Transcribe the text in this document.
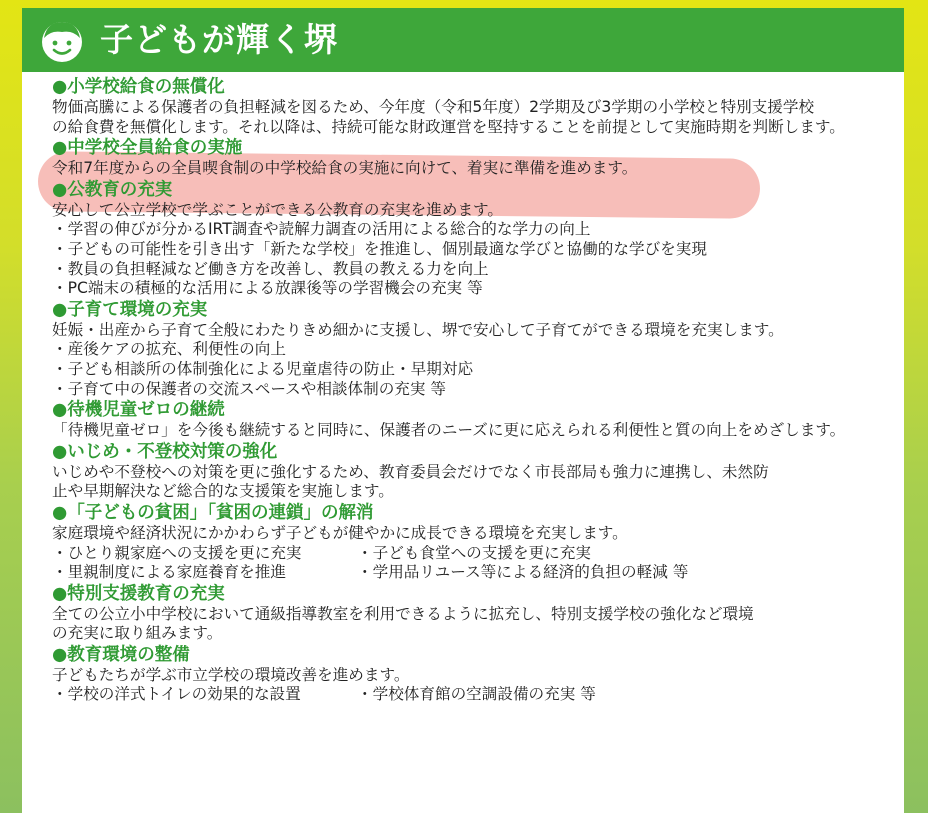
子どもが輝く堺
●小学校給食の無償化
物価高騰による保護者の負担軽減を図るため、今年度（令和5年度）2学期及び3学期の小学校と特別支援学校
の給食費を無償化します。それ以降は、持続可能な財政運営を堅持することを前提として実施時期を判断します。
●中学校全員給食の実施
令和7年度からの全員喫食制の中学校給食の実施に向けて、着実に準備を進めます。
●公教育の充実
安心して公立学校で学ぶことができる公教育の充実を進めます。
・学習の伸びが分かるIRT調査や読解力調査の活用による総合的な学力の向上
・子どもの可能性を引き出す「新たな学校」を推進し、個別最適な学びと協働的な学びを実現
・教員の負担軽減など働き方を改善し、教員の教える力を向上
・PC端末の積極的な活用による放課後等の学習機会の充実 等
●子育て環境の充実
妊娠・出産から子育て全般にわたりきめ細かに支援し、堺で安心して子育てができる環境を充実します。
・産後ケアの拡充、利便性の向上
・子ども相談所の体制強化による児童虐待の防止・早期対応
・子育て中の保護者の交流スペースや相談体制の充実 等
●待機児童ゼロの継続
「待機児童ゼロ」を今後も継続すると同時に、保護者のニーズに更に応えられる利便性と質の向上をめざします。
●いじめ・不登校対策の強化
いじめや不登校への対策を更に強化するため、教育委員会だけでなく市長部局も強力に連携し、未然防
止や早期解決など総合的な支援策を実施します。
●「子どもの貧困」「貧困の連鎖」の解消
家庭環境や経済状況にかかわらず子どもが健やかに成長できる環境を充実します。
・ひとり親家庭への支援を更に充実	・子ども食堂への支援を更に充実
・里親制度による家庭養育を推進	・学用品リユース等による経済的負担の軽減 等
●特別支援教育の充実
全ての公立小中学校において通級指導教室を利用できるように拡充し、特別支援学校の強化など環境
の充実に取り組みます。
●教育環境の整備
子どもたちが学ぶ市立学校の環境改善を進めます。
・学校の洋式トイレの効果的な設置	・学校体育館の空調設備の充実 等
